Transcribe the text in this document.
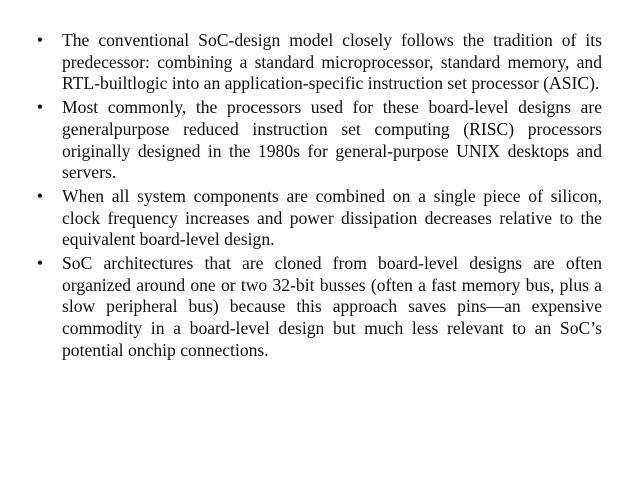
•	The conventional SoC-design model closely follows the tradition of its predecessor: combining a standard microprocessor, standard memory, and RTL-builtlogic into an application-specific instruction set processor (ASIC).
•	Most commonly, the processors used for these board-level designs are generalpurpose reduced instruction set computing (RISC) processors originally designed in the 1980s for general-purpose UNIX desktops and servers.
•	When all system components are combined on a single piece of silicon, clock frequency increases and power dissipation decreases relative to the equivalent board-level design.
•	SoC architectures that are cloned from board-level designs are often organized around one or two 32-bit busses (often a fast memory bus, plus a slow peripheral bus) because this approach saves pins—an expensive commodity in a board-level design but much less relevant to an SoC’s potential onchip connections.
